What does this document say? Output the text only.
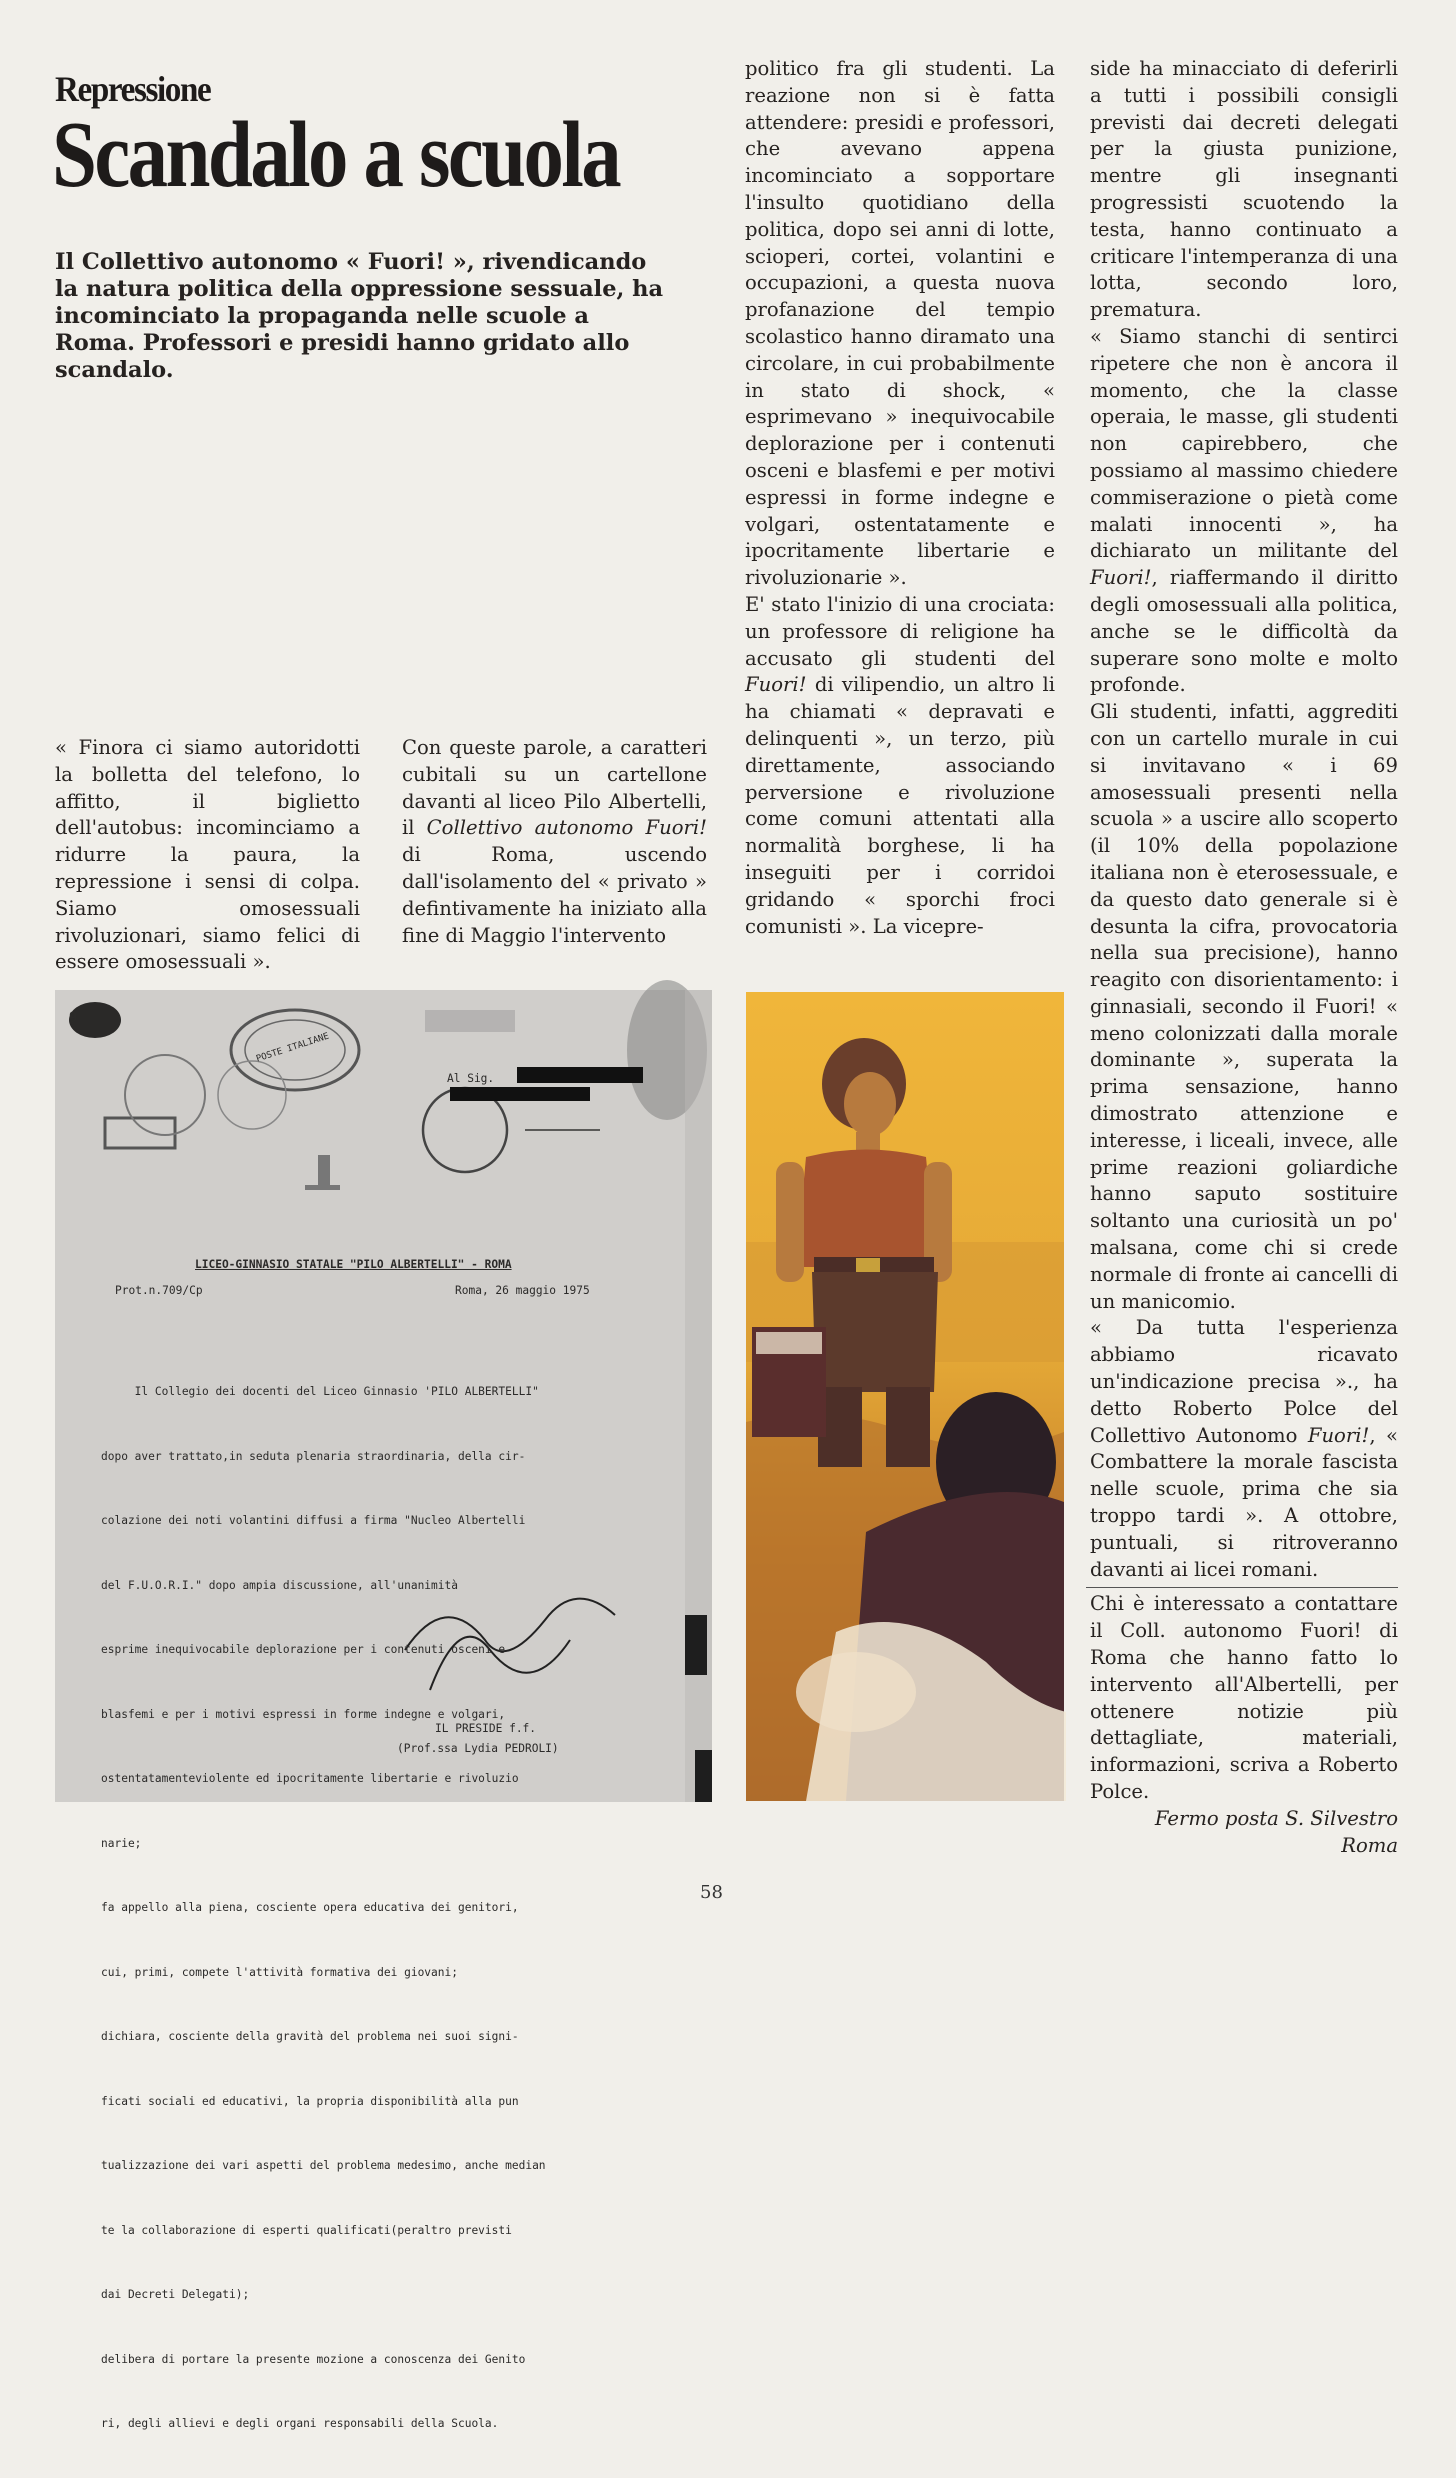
Repressione
Scandalo a scuola
Il Collettivo autonomo « Fuori! », rivendicando la natura politica della oppressione sessuale, ha incominciato la propaganda nelle scuole a Roma. Professori e presidi hanno gridato allo scandalo.

« Finora ci siamo autoridotti la bolletta del telefono, lo affitto, il biglietto dell'autobus: incominciamo a ridurre la paura, la repressione i sensi di colpa. Siamo omosessuali rivoluzionari, siamo felici di essere omosessuali ».

Con queste parole, a caratteri cubitali su un cartellone davanti al liceo Pilo Albertelli, il Collettivo autonomo Fuori! di Roma, uscendo dall'isolamento del « privato » defintivamente ha iniziato alla fine di Maggio l'intervento

politico fra gli studenti. La reazione non si è fatta attendere: presidi e professori, che avevano appena incominciato a sopportare l'insulto quotidiano della politica, dopo sei anni di lotte, scioperi, cortei, volantini e occupazioni, a questa nuova profanazione del tempio scolastico hanno diramato una circolare, in cui probabilmente in stato di shock, « esprimevano » inequivocabile deplorazione per i contenuti osceni e blasfemi e per motivi espressi in forme indegne e volgari, ostentatamente e ipocritamente libertarie e rivoluzionarie ».

E' stato l'inizio di una crociata: un professore di religione ha accusato gli studenti del Fuori! di vilipendio, un altro li ha chiamati « depravati e delinquenti », un terzo, più direttamente, associando perversione e rivoluzione come comuni attentati alla normalità borghese, li ha inseguiti per i corridoi gridando « sporchi froci comunisti ». La vicepre-

side ha minacciato di deferirli a tutti i possibili consigli previsti dai decreti delegati per la giusta punizione, mentre gli insegnanti progressisti scuotendo la testa, hanno continuato a criticare l'intemperanza di una lotta, secondo loro, prematura.

« Siamo stanchi di sentirci ripetere che non è ancora il momento, che la classe operaia, le masse, gli studenti non capirebbero, che possiamo al massimo chiedere commiserazione o pietà come malati innocenti », ha dichiarato un militante del Fuori!, riaffermando il diritto degli omosessuali alla politica, anche se le difficoltà da superare sono molte e molto profonde.

Gli studenti, infatti, aggrediti con un cartello murale in cui si invitavano « i 69 amosessuali presenti nella scuola » a uscire allo scoperto (il 10% della popolazione italiana non è eterosessuale, e da questo dato generale si è desunta la cifra, provocatoria nella sua precisione), hanno reagito con disorientamento: i ginnasiali, secondo il Fuori! « meno colonizzati dalla morale dominante », superata la prima sensazione, hanno dimostrato attenzione e interesse, i liceali, invece, alle prime reazioni goliardiche hanno saputo sostituire soltanto una curiosità un po' malsana, come chi si crede normale di fronte ai cancelli di un manicomio.

« Da tutta l'esperienza abbiamo ricavato un'indicazione precisa »., ha detto Roberto Polce del Collettivo Autonomo Fuori!, « Combattere la morale fascista nelle scuole, prima che sia troppo tardi ». A ottobre, puntuali, si ritroveranno davanti ai licei romani.

Chi è interessato a contattare il Coll. autonomo Fuori! di Roma che hanno fatto lo intervento all'Albertelli, per ottenere notizie più dettagliate, materiali, informazioni, scriva a Roberto Polce.

Fermo posta S. Silvestro

Roma

9
POSTE ITALIANE
Al Sig.
LICEO-GINNASIO STATALE "PILO ALBERTELLI" - ROMA
Prot.n.709/Cp	Roma, 26 maggio 1975

Il Collegio dei docenti del Liceo Ginnasio 'PILO ALBERTELLI"

dopo aver trattato,in seduta plenaria straordinaria, della cir-

colazione dei noti volantini diffusi a firma "Nucleo Albertelli

del F.U.O.R.I." dopo ampia discussione, all'unanimità

esprime inequivocabile deplorazione per i contenuti osceni e

blasfemi e per i motivi espressi in forme indegne e volgari,

ostentatamenteviolente ed ipocritamente libertarie e rivoluzio

narie;

fa appello alla piena, cosciente opera educativa dei genitori,

cui, primi, compete l'attività formativa dei giovani;

dichiara, cosciente della gravità del problema nei suoi signi-

ficati sociali ed educativi, la propria disponibilità alla pun

tualizzazione dei vari aspetti del problema medesimo, anche median

te la collaborazione di esperti qualificati(peraltro previsti

dai Decreti Delegati);

delibera di portare la presente mozione a conoscenza dei Genito

ri, degli allievi e degli organi responsabili della Scuola.

IL PRESIDE f.f.
(Prof.ssa Lydia PEDROLI)
58
